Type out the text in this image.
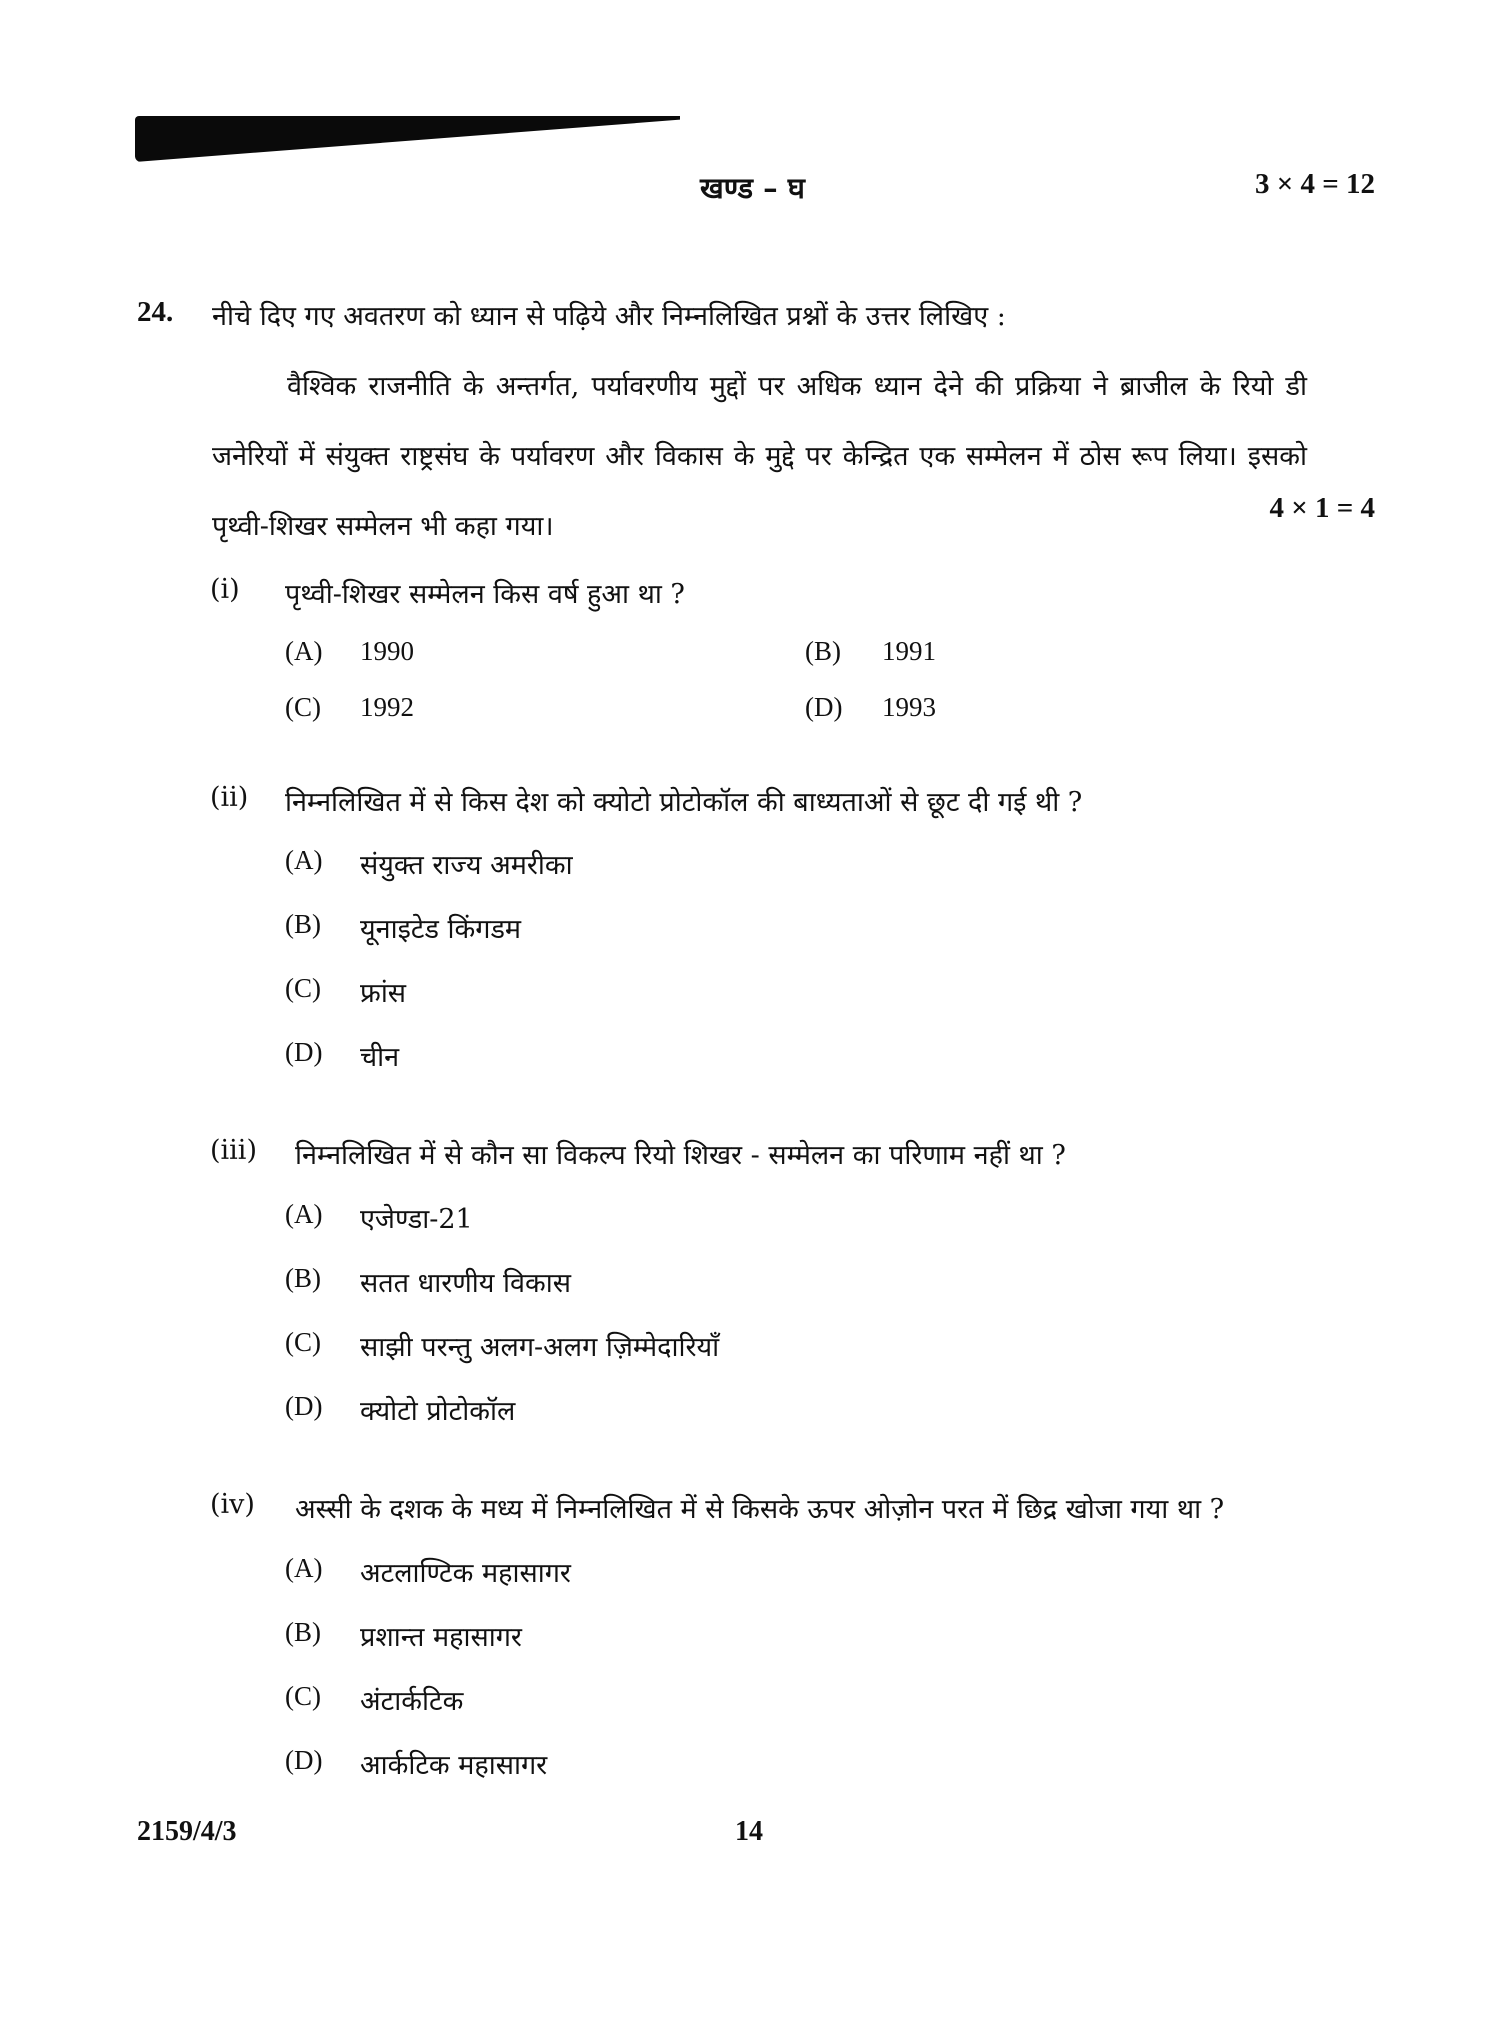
खण्ड – घ	3 × 4 = 12
24. नीचे दिए गए अवतरण को ध्यान से पढ़िये और निम्नलिखित प्रश्नों के उत्तर लिखिए :
वैश्विक राजनीति के अन्तर्गत, पर्यावरणीय मुद्दों पर अधिक ध्यान देने की प्रक्रिया ने ब्राजील के रियो डी जनेरियों में संयुक्त राष्ट्रसंघ के पर्यावरण और विकास के मुद्दे पर केन्द्रित एक सम्मेलन में ठोस रूप लिया। इसको पृथ्वी-शिखर सम्मेलन भी कहा गया।
4 × 1 = 4
(i) पृथ्वी-शिखर सम्मेलन किस वर्ष हुआ था ?
(A) 1990	(B) 1991
(C) 1992	(D) 1993
(ii) निम्नलिखित में से किस देश को क्योटो प्रोटोकॉल की बाध्यताओं से छूट दी गई थी ?
(A) संयुक्त राज्य अमरीका
(B) यूनाइटेड किंगडम
(C) फ्रांस
(D) चीन
(iii) निम्नलिखित में से कौन सा विकल्प रियो शिखर - सम्मेलन का परिणाम नहीं था ?
(A) एजेण्डा-21
(B) सतत धारणीय विकास
(C) साझी परन्तु अलग-अलग ज़िम्मेदारियाँ
(D) क्योटो प्रोटोकॉल
(iv) अस्सी के दशक के मध्य में निम्नलिखित में से किसके ऊपर ओज़ोन परत में छिद्र खोजा गया था ?
(A) अटलाण्टिक महासागर
(B) प्रशान्त महासागर
(C) अंटार्कटिक
(D) आर्कटिक महासागर
2159/4/3	14
